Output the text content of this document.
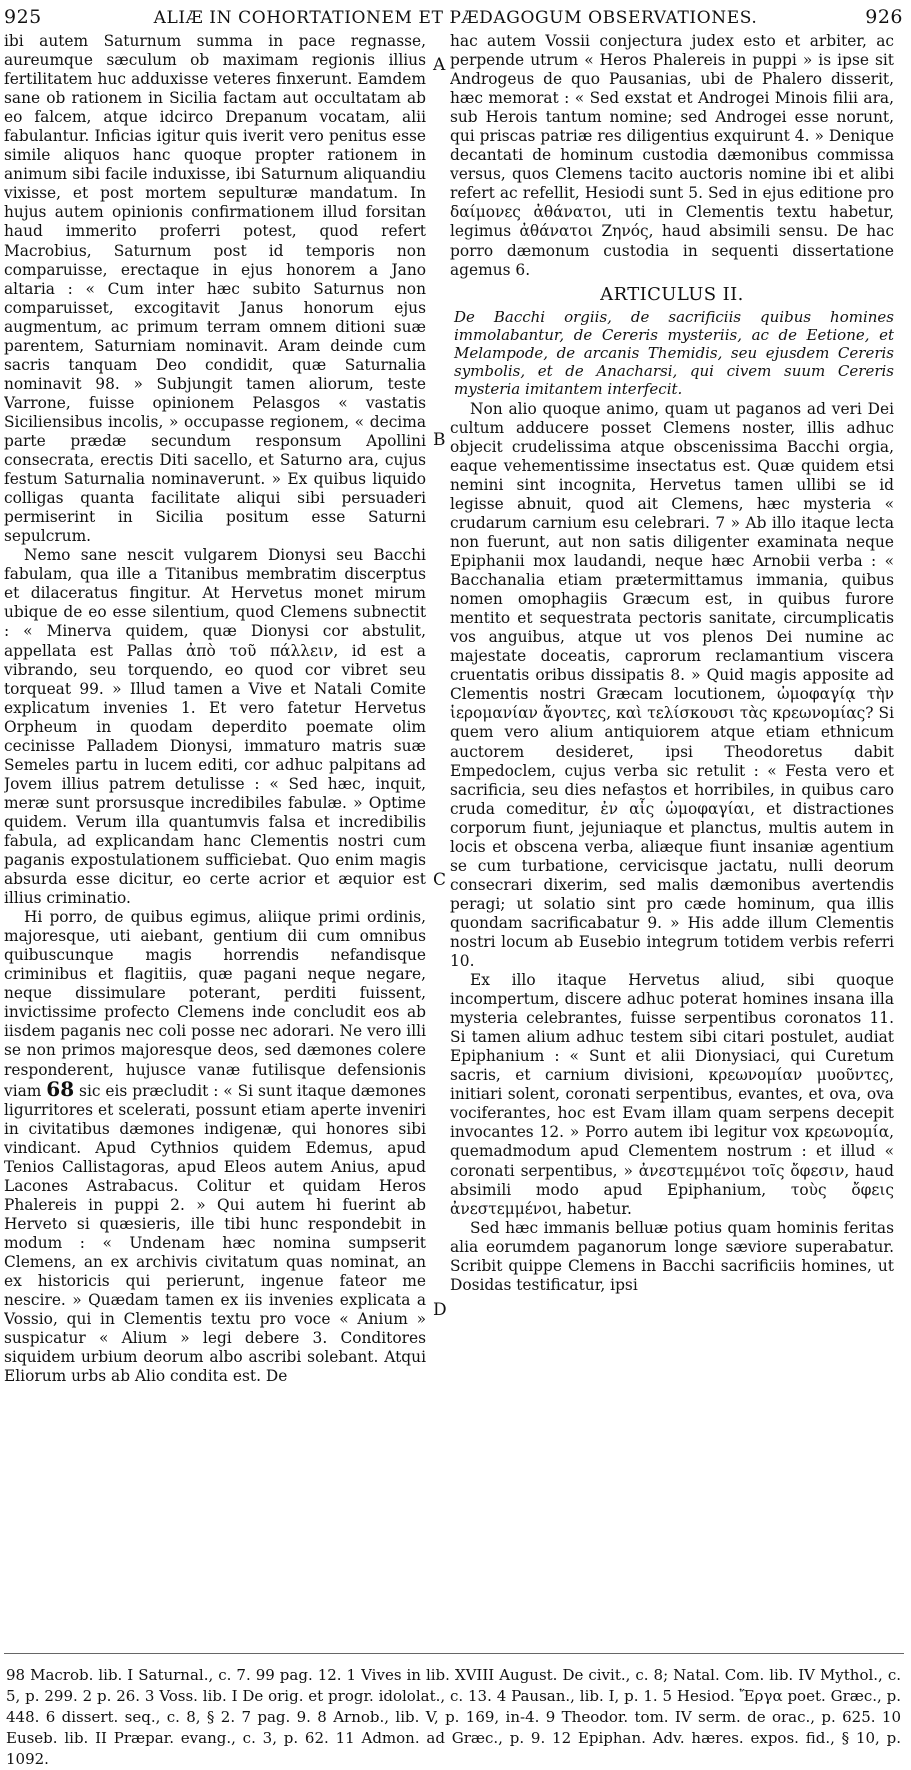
925	ALIÆ IN COHORTATIONEM ET PÆDAGOGUM OBSERVATIONES.	926

ibi autem Saturnum summa in pace regnasse, aureumque sæculum ob maximam regionis illius fertilitatem huc adduxisse veteres finxerunt. Eamdem sane ob rationem in Sicilia factam aut occultatam ab eo falcem, atque idcirco Drepanum vocatam, alii fabulantur. Inficias igitur quis iverit vero penitus esse simile aliquos hanc quoque propter rationem in animum sibi facile induxisse, ibi Saturnum aliquandiu vixisse, et post mortem sepulturæ mandatum. In hujus autem opinionis confirmationem illud forsitan haud immerito proferri potest, quod refert Macrobius, Saturnum post id temporis non comparuisse, erectaque in ejus honorem a Jano altaria : « Cum inter hæc subito Saturnus non comparuisset, excogitavit Janus honorum ejus augmentum, ac primum terram omnem ditioni suæ parentem, Saturniam nominavit. Aram deinde cum sacris tanquam Deo condidit, quæ Saturnalia nominavit 98. » Subjungit tamen aliorum, teste Varrone, fuisse opinionem Pelasgos « vastatis Siciliensibus incolis, » occupasse regionem, « decima parte prædæ secundum responsum Apollini consecrata, erectis Diti sacello, et Saturno ara, cujus festum Saturnalia nominaverunt. » Ex quibus liquido colligas quanta facilitate aliqui sibi persuaderi permiserint in Sicilia positum esse Saturni sepulcrum.

Nemo sane nescit vulgarem Dionysi seu Bacchi fabulam, qua ille a Titanibus membratim discerptus et dilaceratus fingitur. At Hervetus monet mirum ubique de eo esse silentium, quod Clemens subnectit : « Minerva quidem, quæ Dionysi cor abstulit, appellata est Pallas ἀπὸ τοῦ πάλλειν, id est a vibrando, seu torquendo, eo quod cor vibret seu torqueat 99. » Illud tamen a Vive et Natali Comite explicatum invenies 1. Et vero fatetur Hervetus Orpheum in quodam deperdito poemate olim cecinisse Palladem Dionysi, immaturo matris suæ Semeles partu in lucem editi, cor adhuc palpitans ad Jovem illius patrem detulisse : « Sed hæc, inquit, meræ sunt prorsusque incredibiles fabulæ. » Optime quidem. Verum illa quantumvis falsa et incredibilis fabula, ad explicandam hanc Clementis nostri cum paganis expostulationem sufficiebat. Quo enim magis absurda esse dicitur, eo certe acrior et æquior est illius criminatio.

Hi porro, de quibus egimus, aliique primi ordinis, majoresque, uti aiebant, gentium dii cum omnibus quibuscunque magis horrendis nefandisque criminibus et flagitiis, quæ pagani neque negare, neque dissimulare poterant, perditi fuissent, invictissime profecto Clemens inde concludit eos ab iisdem paganis nec coli posse nec adorari. Ne vero illi se non primos majoresque deos, sed dæmones colere responderent, hujusce vanæ futilisque defensionis viam 68 sic eis præcludit : « Si sunt itaque dæmones ligurritores et scelerati, possunt etiam aperte inveniri in civitatibus dæmones indigenæ, qui honores sibi vindicant. Apud Cythnios quidem Edemus, apud Tenios Callistagoras, apud Eleos autem Anius, apud Lacones Astrabacus. Colitur et quidam Heros Phalereis in puppi 2. » Qui autem hi fuerint ab Herveto si quæsieris, ille tibi hunc respondebit in modum : « Undenam hæc nomina sumpserit Clemens, an ex archivis civitatum quas nominat, an ex historicis qui perierunt, ingenue fateor me nescire. » Quædam tamen ex iis invenies explicata a Vossio, qui in Clementis textu pro voce « Anium » suspicatur « Alium » legi debere 3. Conditores siquidem urbium deorum albo ascribi solebant. Atqui Eliorum urbs ab Alio condita est. De

A
B
C
D

hac autem Vossii conjectura judex esto et arbiter, ac perpende utrum « Heros Phalereis in puppi » is ipse sit Androgeus de quo Pausanias, ubi de Phalero disserit, hæc memorat : « Sed exstat et Androgei Minois filii ara, sub Herois tantum nomine; sed Androgei esse norunt, qui priscas patriæ res diligentius exquirunt 4. » Denique decantati de hominum custodia dæmonibus commissa versus, quos Clemens tacito auctoris nomine ibi et alibi refert ac refellit, Hesiodi sunt 5. Sed in ejus editione pro δαίμονες ἀθάνατοι, uti in Clementis textu habetur, legimus ἀθάνατοι Ζηνός, haud absimili sensu. De hac porro dæmonum custodia in sequenti dissertatione agemus 6.

ARTICULUS II.
De Bacchi orgiis, de sacrificiis quibus homines immolabantur, de Cereris mysteriis, ac de Eetione, et Melampode, de arcanis Themidis, seu ejusdem Cereris symbolis, et de Anacharsi, qui civem suum Cereris mysteria imitantem interfecit.

Non alio quoque animo, quam ut paganos ad veri Dei cultum adducere posset Clemens noster, illis adhuc objecit crudelissima atque obscenissima Bacchi orgia, eaque vehementissime insectatus est. Quæ quidem etsi nemini sint incognita, Hervetus tamen ullibi se id legisse abnuit, quod ait Clemens, hæc mysteria « crudarum carnium esu celebrari. 7 » Ab illo itaque lecta non fuerunt, aut non satis diligenter examinata neque Epiphanii mox laudandi, neque hæc Arnobii verba : « Bacchanalia etiam prætermittamus immania, quibus nomen omophagiis Græcum est, in quibus furore mentito et sequestrata pectoris sanitate, circumplicatis vos anguibus, atque ut vos plenos Dei numine ac majestate doceatis, caprorum reclamantium viscera cruentatis oribus dissipatis 8. » Quid magis apposite ad Clementis nostri Græcam locutionem, ὠμοφαγίᾳ τὴν ἱερομανίαν ἄγοντες, καὶ τελίσκουσι τὰς κρεωνομίας? Si quem vero alium antiquiorem atque etiam ethnicum auctorem desideret, ipsi Theodoretus dabit Empedoclem, cujus verba sic retulit : « Festa vero et sacrificia, seu dies nefastos et horribiles, in quibus caro cruda comeditur, ἐν αἷς ὠμοφαγίαι, et distractiones corporum fiunt, jejuniaque et planctus, multis autem in locis et obscena verba, aliæque fiunt insaniæ agentium se cum turbatione, cervicisque jactatu, nulli deorum consecrari dixerim, sed malis dæmonibus avertendis peragi; ut solatio sint pro cæde hominum, qua illis quondam sacrificabatur 9. » His adde illum Clementis nostri locum ab Eusebio integrum totidem verbis referri 10.

Ex illo itaque Hervetus aliud, sibi quoque incompertum, discere adhuc poterat homines insana illa mysteria celebrantes, fuisse serpentibus coronatos 11. Si tamen alium adhuc testem sibi citari postulet, audiat Epiphanium : « Sunt et alii Dionysiaci, qui Curetum sacris, et carnium divisioni, κρεωνομίαν μυοῦντες, initiari solent, coronati serpentibus, evantes, et ova, ova vociferantes, hoc est Evam illam quam serpens decepit invocantes 12. » Porro autem ibi legitur vox κρεωνομία, quemadmodum apud Clementem nostrum : et illud « coronati serpentibus, » ἀνεστεμμένοι τοῖς ὄφεσιν, haud absimili modo apud Epiphanium, τοὺς ὄφεις ἀνεστεμμένοι, habetur.

Sed hæc immanis belluæ potius quam hominis feritas alia eorumdem paganorum longe sæviore superabatur. Scribit quippe Clemens in Bacchi sacrificiis homines, ut Dosidas testificatur, ipsi

98 Macrob. lib. I Saturnal., c. 7. 99 pag. 12. 1 Vives in lib. XVIII August. De civit., c. 8; Natal. Com. lib. IV Mythol., c. 5, p. 299. 2 p. 26. 3 Voss. lib. I De orig. et progr. idololat., c. 13. 4 Pausan., lib. I, p. 1. 5 Hesiod. Ἔργα poet. Græc., p. 448. 6 dissert. seq., c. 8, § 2. 7 pag. 9. 8 Arnob., lib. V, p. 169, in-4. 9 Theodor. tom. IV serm. de orac., p. 625. 10 Euseb. lib. II Præpar. evang., c. 3, p. 62. 11 Admon. ad Græc., p. 9. 12 Epiphan. Adv. hæres. expos. fid., § 10, p. 1092.
